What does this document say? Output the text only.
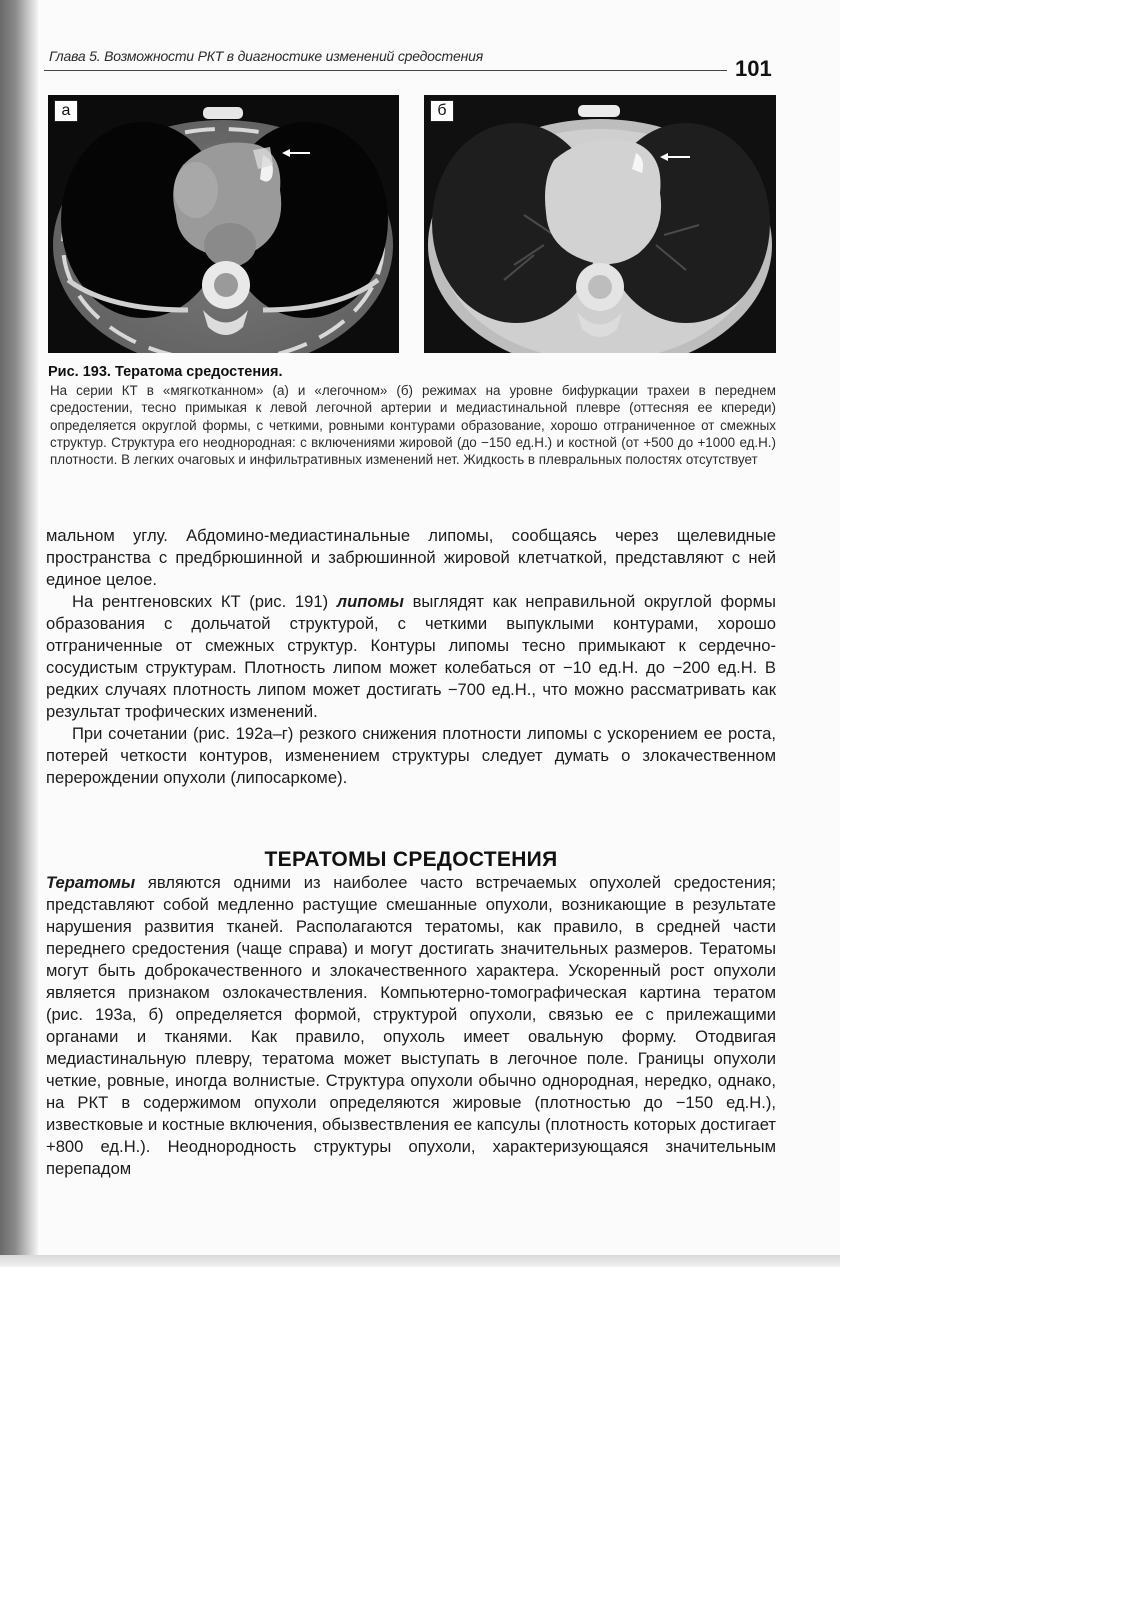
Глава 5. Возможности РКТ в диагностике изменений средостения	101
а	б
Рис. 193. Тератома средостения.
На серии КТ в «мягкотканном» (а) и «легочном» (б) режимах на уровне бифуркации трахеи в переднем средостении, тесно примыкая к левой легочной артерии и медиастинальной плевре (оттесняя ее кпереди) определяется округлой формы, с четкими, ровными контурами образование, хорошо отграниченное от смежных структур. Структура его неоднородная: с включениями жировой (до −150 ед.Н.) и костной (от +500 до +1000 ед.Н.) плотности. В легких очаговых и инфильтративных изменений нет. Жидкость в плевральных полостях отсутствует

мальном углу. Абдомино-медиастинальные липомы, сообщаясь через щелевидные пространства с предбрюшинной и забрюшинной жировой клетчаткой, представляют с ней единое целое.

На рентгеновских КТ (рис. 191) липомы выглядят как неправильной округлой формы образования с дольчатой структурой, с четкими выпуклыми контурами, хорошо отграниченные от смежных структур. Контуры липомы тесно примыкают к сердечно-сосудистым структурам. Плотность липом может колебаться от −10 ед.Н. до −200 ед.Н. В редких случаях плотность липом может достигать −700 ед.Н., что можно рассматривать как результат трофических изменений.

При сочетании (рис. 192а–г) резкого снижения плотности липомы с ускорением ее роста, потерей четкости контуров, изменением структуры следует думать о злокачественном перерождении опухоли (липосаркоме).

ТЕРАТОМЫ СРЕДОСТЕНИЯ

Тератомы являются одними из наиболее часто встречаемых опухолей средостения; представляют собой медленно растущие смешанные опухоли, возникающие в результате нарушения развития тканей. Располагаются тератомы, как правило, в средней части переднего средостения (чаще справа) и могут достигать значительных размеров. Тератомы могут быть доброкачественного и злокачественного характера. Ускоренный рост опухоли является признаком озлокачествления. Компьютерно-томографическая картина тератом (рис. 193а, б) определяется формой, структурой опухоли, связью ее с прилежащими органами и тканями. Как правило, опухоль имеет овальную форму. Отодвигая медиастинальную плевру, тератома может выступать в легочное поле. Границы опухоли четкие, ровные, иногда волнистые. Структура опухоли обычно однородная, нередко, однако, на РКТ в содержимом опухоли определяются жировые (плотностью до −150 ед.Н.), известковые и костные включения, обызвествления ее капсулы (плотность которых достигает +800 ед.Н.). Неоднородность структуры опухоли, характеризующаяся значительным перепадом
